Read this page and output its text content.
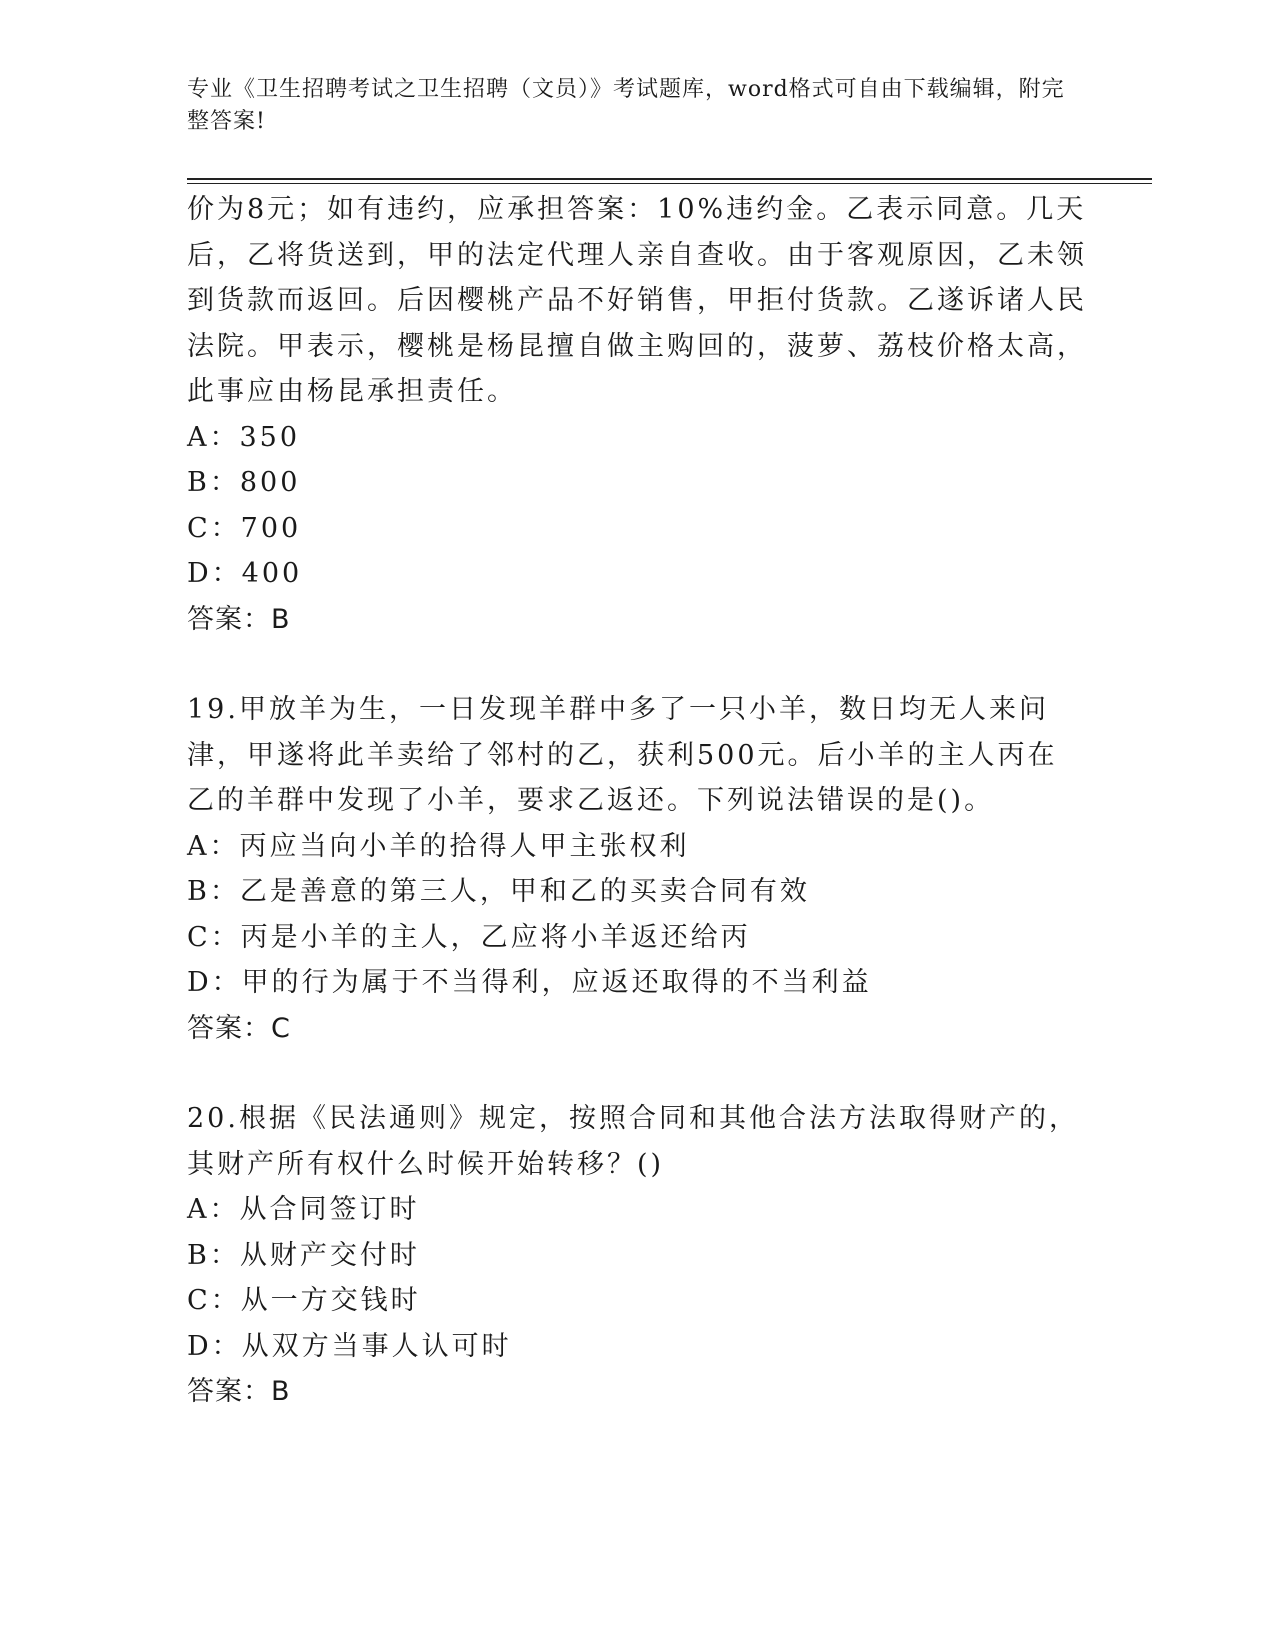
专业《卫生招聘考试之卫生招聘（文员）》考试题库，word格式可自由下载编辑，附完整答案!

价为8元；如有违约，应承担答案：10%违约金。乙表示同意。几天后，乙将货送到，甲的法定代理人亲自查收。由于客观原因，乙未领到货款而返回。后因樱桃产品不好销售，甲拒付货款。乙遂诉诸人民法院。甲表示，樱桃是杨昆擅自做主购回的，菠萝、荔枝价格太高，此事应由杨昆承担责任。

A：350

B：800

C：700

D：400

答案：B

19.甲放羊为生，一日发现羊群中多了一只小羊，数日均无人来问津，甲遂将此羊卖给了邻村的乙，获利500元。后小羊的主人丙在乙的羊群中发现了小羊，要求乙返还。下列说法错误的是()。

A：丙应当向小羊的拾得人甲主张权利

B：乙是善意的第三人，甲和乙的买卖合同有效

C：丙是小羊的主人，乙应将小羊返还给丙

D：甲的行为属于不当得利，应返还取得的不当利益

答案：C

20.根据《民法通则》规定，按照合同和其他合法方法取得财产的，其财产所有权什么时候开始转移？()

A：从合同签订时

B：从财产交付时

C：从一方交钱时

D：从双方当事人认可时

答案：B
